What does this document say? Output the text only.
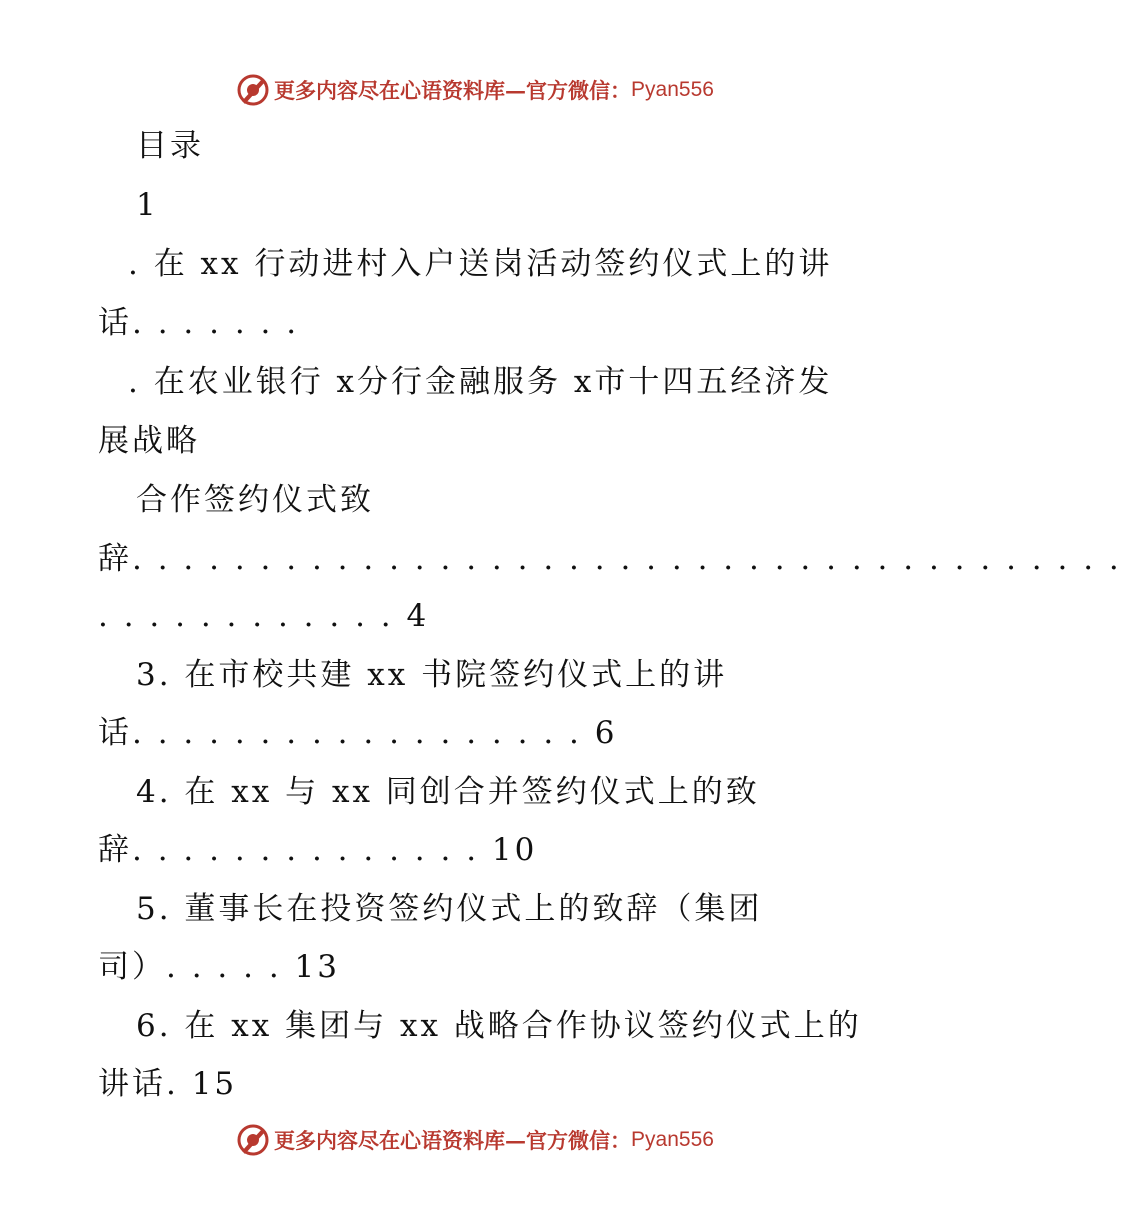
更多内容尽在心语资料库—官方微信： Pyan556
目录
1
. 在 xx 行动进村入户送岗活动签约仪式上的讲
话. . . . . . .
. 在农业银行 x分行金融服务 x市十四五经济发
展战略
合作签约仪式致
辞. . . . . . . . . . . . . . . . . . . . . . . . . . . . . . . . . . . . . . .
. . . . . . . . . . . . 4
3. 在市校共建 xx 书院签约仪式上的讲
话. . . . . . . . . . . . . . . . . . 6
4. 在 xx 与 xx 同创合并签约仪式上的致
辞. . . . . . . . . . . . . . 10
5. 董事长在投资签约仪式上的致辞（集团
司）. . . . . 13
6. 在 xx 集团与 xx 战略合作协议签约仪式上的
讲话. 15
更多内容尽在心语资料库—官方微信： Pyan556
